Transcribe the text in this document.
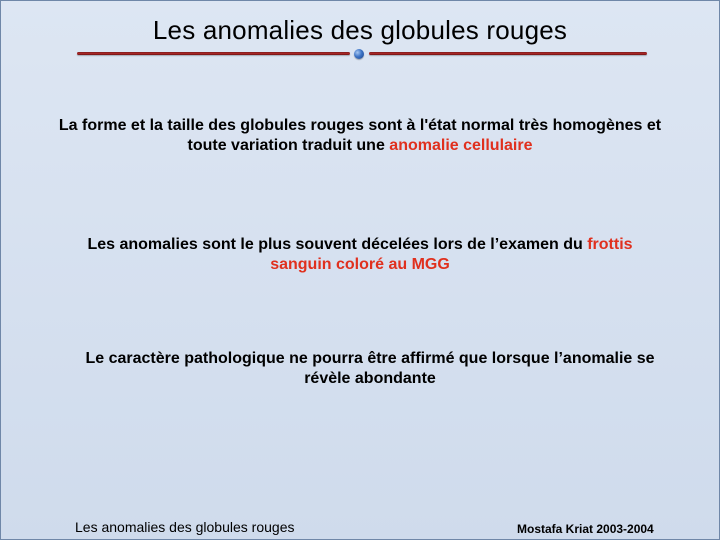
Les anomalies des globules rouges
La forme et la taille des globules rouges sont à l'état normal très homogènes et toute variation traduit une anomalie cellulaire
Les anomalies sont le plus souvent décelées lors de l’examen du frottis sanguin coloré au MGG
Le caractère pathologique ne pourra être affirmé que lorsque l’anomalie se révèle abondante
Les anomalies des globules rouges	Mostafa Kriat 2003-2004
